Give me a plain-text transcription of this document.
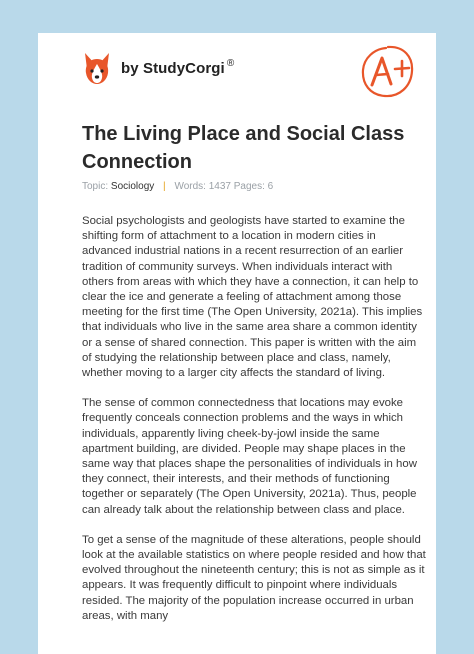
by StudyCorgi ®
The Living Place and Social Class Connection
Topic: Sociology | Words: 1437 Pages: 6

Social psychologists and geologists have started to examine the shifting form of attachment to a location in modern cities in advanced industrial nations in a recent resurrection of an earlier tradition of community surveys. When individuals interact with others from areas with which they have a connection, it can help to clear the ice and generate a feeling of attachment among those meeting for the first time (The Open University, 2021a). This implies that individuals who live in the same area share a common identity or a sense of shared connection. This paper is written with the aim of studying the relationship between place and class, namely, whether moving to a larger city affects the standard of living.

The sense of common connectedness that locations may evoke frequently conceals connection problems and the ways in which individuals, apparently living cheek-by-jowl inside the same apartment building, are divided. People may shape places in the same way that places shape the personalities of individuals in how they connect, their interests, and their methods of functioning together or separately (The Open University, 2021a). Thus, people can already talk about the relationship between class and place.

To get a sense of the magnitude of these alterations, people should look at the available statistics on where people resided and how that evolved throughout the nineteenth century; this is not as simple as it appears. It was frequently difficult to pinpoint where individuals resided. The majority of the population increase occurred in urban areas, with many
